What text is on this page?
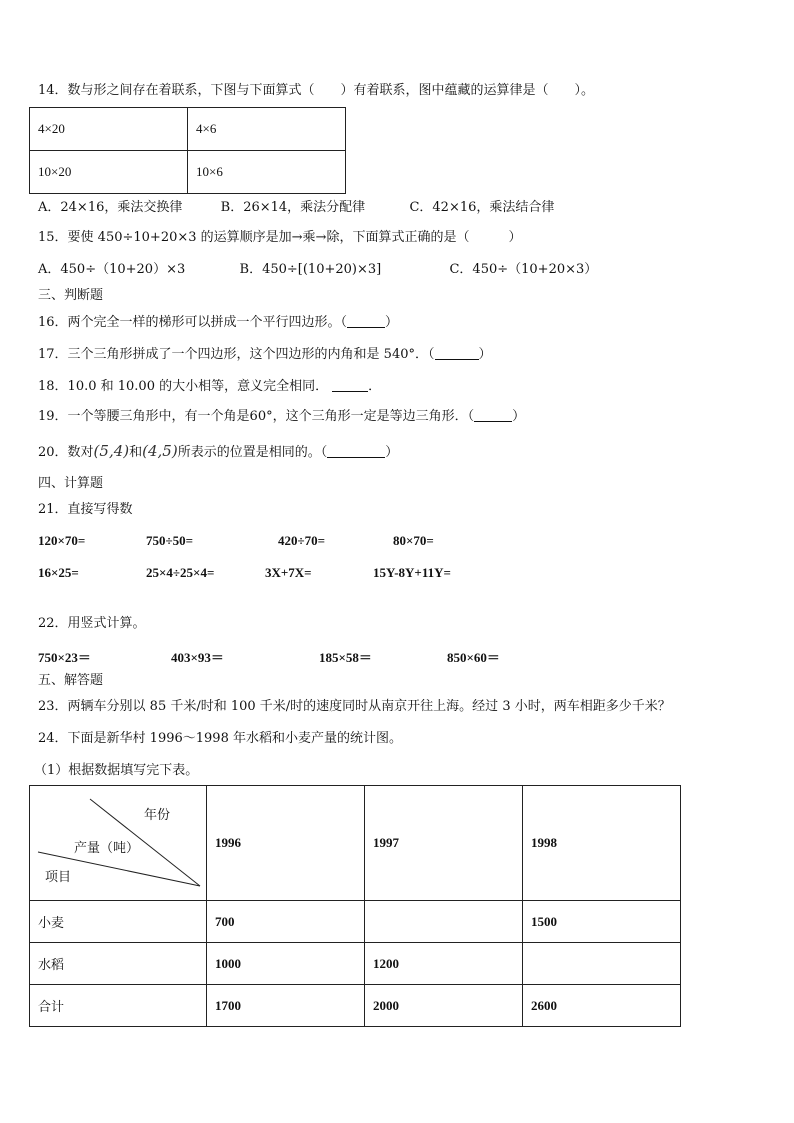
14．数与形之间存在着联系，下图与下面算式（　　）有着联系，图中蕴藏的运算律是（　　）。
4×20	4×6
10×20	10×6
A．24×16，乘法交换律	B．26×14，乘法分配律	C．42×16，乘法结合律
15．要使 450÷10+20×3 的运算顺序是加→乘→除，下面算式正确的是（　　　）
A．450÷（10+20）×3	B．450÷[(10+20)×3]	C．450÷（10+20×3）
三、判断题
16．两个完全一样的梯形可以拼成一个平行四边形。（	）
17．三个三角形拼成了一个四边形，这个四边形的内角和是 540°．（	）
18．10.0 和 10.00 的大小相等，意义完全相同．	．
19．一个等腰三角形中，有一个角是60°，这个三角形一定是等边三角形．（	）
20．数对(5,4)和(4,5)所表示的位置是相同的。（	）
四、计算题
21．直接写得数
120×70=	750÷50=	420÷70=	80×70=
16×25=	25×4÷25×4=	3X+7X=	15Y-8Y+11Y=
22．用竖式计算。
750×23＝	403×93＝	185×58＝	850×60＝
五、解答题
23．两辆车分别以 85 千米/时和 100 千米/时的速度同时从南京开往上海。经过 3 小时，两车相距多少千米？
24．下面是新华村 1996～1998 年水稻和小麦产量的统计图。
（1）根据数据填写完下表。
年份
产量（吨）
项目	1996	1997	1998
小麦	700		1500
水稻	1000	1200	
合计	1700	2000	2600
